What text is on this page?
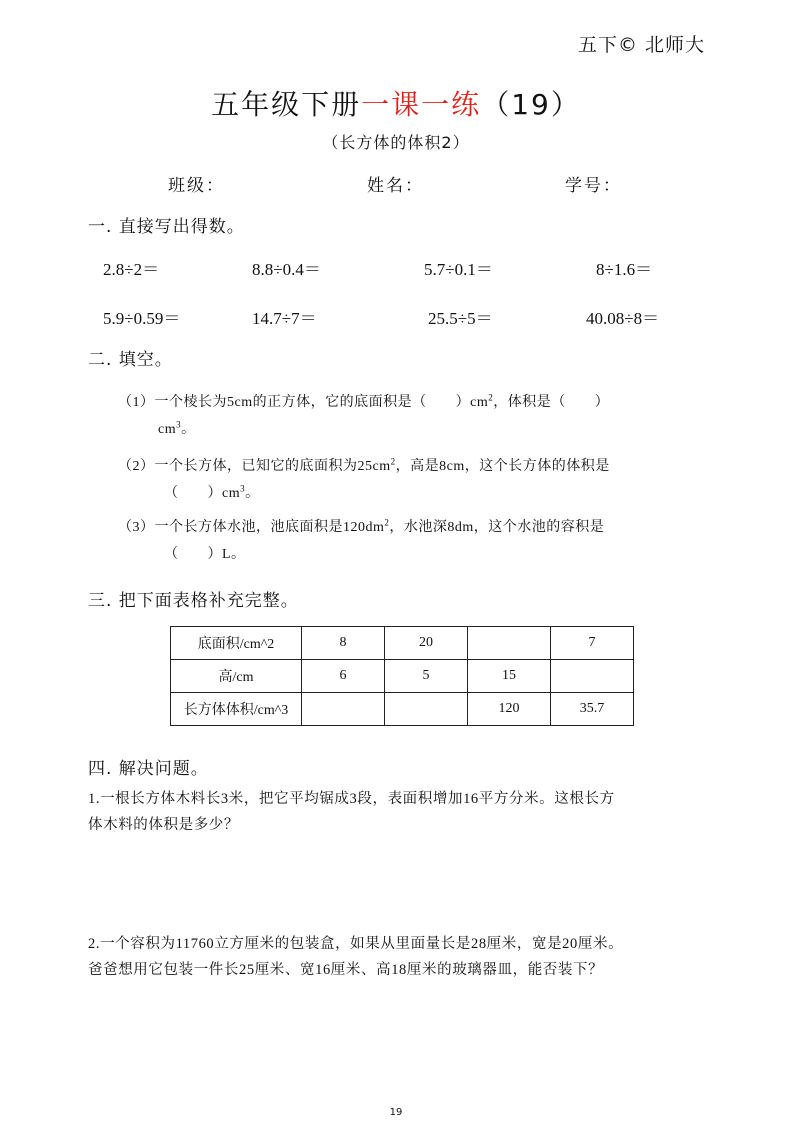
五下© 北师大
五年级下册一课一练（19）
（长方体的体积2）
班级：	姓名：	学号：
一. 直接写出得数。
2.8÷2＝	8.8÷0.4＝	5.7÷0.1＝	8÷1.6＝
5.9÷0.59＝	14.7÷7＝	25.5÷5＝	40.08÷8＝
二. 填空。
（1）一个棱长为5cm的正方体，它的底面积是（　　）$cm^2$，体积是（　　）
$cm^3$。
（2）一个长方体，已知它的底面积为$25cm^2$，高是8cm，这个长方体的体积是
（　　）$cm^3$。
（3）一个长方体水池，池底面积是$120dm^2$，水池深8dm，这个水池的容积是
（　　）L。
三. 把下面表格补充完整。
底面积/cm^2	8	20		7
高/cm	6	5	15	
长方体体积/cm^3			120	35.7
四. 解决问题。
1.一根长方体木料长3米，把它平均锯成3段，表面积增加16平方分米。这根长方
体木料的体积是多少？
2.一个容积为11760立方厘米的包装盒，如果从里面量长是28厘米，宽是20厘米。
爸爸想用它包装一件长25厘米、宽16厘米、高18厘米的玻璃器皿，能否装下？
19
